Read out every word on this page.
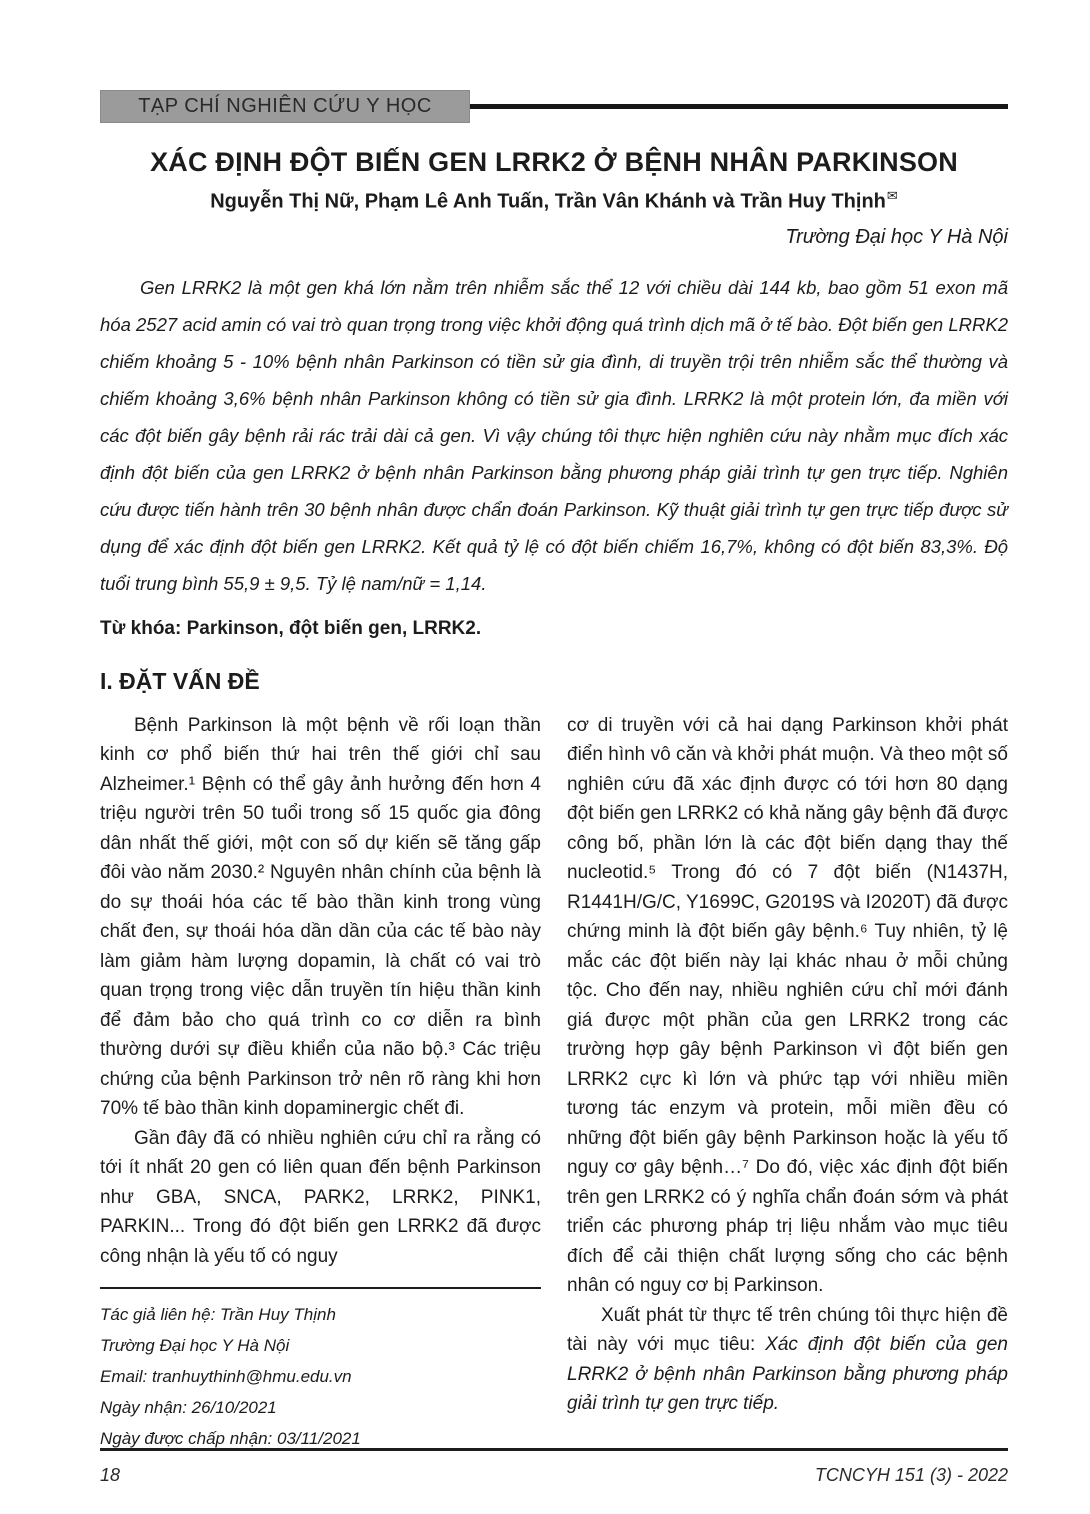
TẠP CHÍ NGHIÊN CỨU Y HỌC
XÁC ĐỊNH ĐỘT BIẾN GEN LRRK2 Ở BỆNH NHÂN PARKINSON
Nguyễn Thị Nữ, Phạm Lê Anh Tuấn, Trần Vân Khánh và Trần Huy Thịnh✉
Trường Đại học Y Hà Nội

Gen LRRK2 là một gen khá lớn nằm trên nhiễm sắc thể 12 với chiều dài 144 kb, bao gồm 51 exon mã hóa 2527 acid amin có vai trò quan trọng trong việc khởi động quá trình dịch mã ở tế bào. Đột biến gen LRRK2 chiếm khoảng 5 - 10% bệnh nhân Parkinson có tiền sử gia đình, di truyền trội trên nhiễm sắc thể thường và chiếm khoảng 3,6% bệnh nhân Parkinson không có tiền sử gia đình. LRRK2 là một protein lớn, đa miền với các đột biến gây bệnh rải rác trải dài cả gen. Vì vậy chúng tôi thực hiện nghiên cứu này nhằm mục đích xác định đột biến của gen LRRK2 ở bệnh nhân Parkinson bằng phương pháp giải trình tự gen trực tiếp. Nghiên cứu được tiến hành trên 30 bệnh nhân được chẩn đoán Parkinson. Kỹ thuật giải trình tự gen trực tiếp được sử dụng để xác định đột biến gen LRRK2. Kết quả tỷ lệ có đột biến chiếm 16,7%, không có đột biến 83,3%. Độ tuổi trung bình 55,9 ± 9,5. Tỷ lệ nam/nữ = 1,14.

Từ khóa: Parkinson, đột biến gen, LRRK2.

I. ĐẶT VẤN ĐỀ

Bệnh Parkinson là một bệnh về rối loạn thần kinh cơ phổ biến thứ hai trên thế giới chỉ sau Alzheimer.¹ Bệnh có thể gây ảnh hưởng đến hơn 4 triệu người trên 50 tuổi trong số 15 quốc gia đông dân nhất thế giới, một con số dự kiến sẽ tăng gấp đôi vào năm 2030.² Nguyên nhân chính của bệnh là do sự thoái hóa các tế bào thần kinh trong vùng chất đen, sự thoái hóa dần dần của các tế bào này làm giảm hàm lượng dopamin, là chất có vai trò quan trọng trong việc dẫn truyền tín hiệu thần kinh để đảm bảo cho quá trình co cơ diễn ra bình thường dưới sự điều khiển của não bộ.³ Các triệu chứng của bệnh Parkinson trở nên rõ ràng khi hơn 70% tế bào thần kinh dopaminergic chết đi.

Gần đây đã có nhiều nghiên cứu chỉ ra rằng có tới ít nhất 20 gen có liên quan đến bệnh Parkinson như GBA, SNCA, PARK2, LRRK2, PINK1, PARKIN... Trong đó đột biến gen LRRK2 đã được công nhận là yếu tố có nguy

Tác giả liên hệ: Trần Huy Thịnh

Trường Đại học Y Hà Nội

Email: tranhuythinh@hmu.edu.vn

Ngày nhận: 26/10/2021

Ngày được chấp nhận: 03/11/2021

cơ di truyền với cả hai dạng Parkinson khởi phát điển hình vô căn và khởi phát muộn. Và theo một số nghiên cứu đã xác định được có tới hơn 80 dạng đột biến gen LRRK2 có khả năng gây bệnh đã được công bố, phần lớn là các đột biến dạng thay thế nucleotid.⁵ Trong đó có 7 đột biến (N1437H, R1441H/G/C, Y1699C, G2019S và I2020T) đã được chứng minh là đột biến gây bệnh.⁶ Tuy nhiên, tỷ lệ mắc các đột biến này lại khác nhau ở mỗi chủng tộc. Cho đến nay, nhiều nghiên cứu chỉ mới đánh giá được một phần của gen LRRK2 trong các trường hợp gây bệnh Parkinson vì đột biến gen LRRK2 cực kì lớn và phức tạp với nhiều miền tương tác enzym và protein, mỗi miền đều có những đột biến gây bệnh Parkinson hoặc là yếu tố nguy cơ gây bệnh…⁷ Do đó, việc xác định đột biến trên gen LRRK2 có ý nghĩa chẩn đoán sớm và phát triển các phương pháp trị liệu nhắm vào mục tiêu đích để cải thiện chất lượng sống cho các bệnh nhân có nguy cơ bị Parkinson.

Xuất phát từ thực tế trên chúng tôi thực hiện đề tài này với mục tiêu: Xác định đột biến của gen LRRK2 ở bệnh nhân Parkinson bằng phương pháp giải trình tự gen trực tiếp.

18	TCNCYH 151 (3) - 2022
